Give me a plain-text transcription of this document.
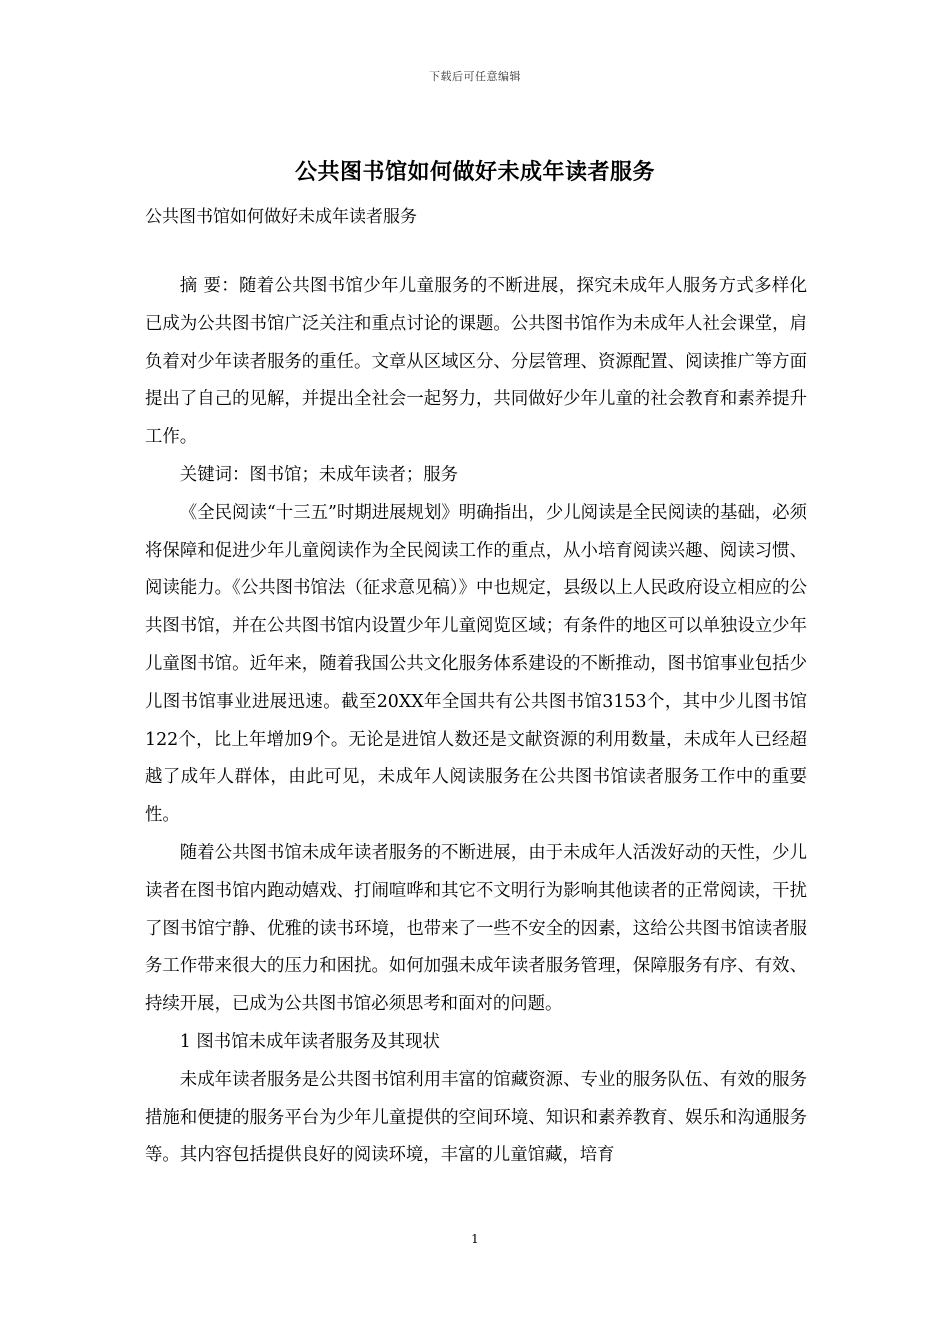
下载后可任意编辑
公共图书馆如何做好未成年读者服务
公共图书馆如何做好未成年读者服务

摘 要：随着公共图书馆少年儿童服务的不断进展，探究未成年人服务方式多样化已成为公共图书馆广泛关注和重点讨论的课题。公共图书馆作为未成年人社会课堂，肩负着对少年读者服务的重任。文章从区域区分、分层管理、资源配置、阅读推广等方面提出了自己的见解，并提出全社会一起努力，共同做好少年儿童的社会教育和素养提升工作。

关键词：图书馆；未成年读者；服务

《全民阅读“十三五”时期进展规划》明确指出，少儿阅读是全民阅读的基础，必须将保障和促进少年儿童阅读作为全民阅读工作的重点，从小培育阅读兴趣、阅读习惯、阅读能力。《公共图书馆法（征求意见稿）》中也规定，县级以上人民政府设立相应的公共图书馆，并在公共图书馆内设置少年儿童阅览区域；有条件的地区可以单独设立少年儿童图书馆。近年来，随着我国公共文化服务体系建设的不断推动，图书馆事业包括少儿图书馆事业进展迅速。截至20XX年全国共有公共图书馆3153个，其中少儿图书馆122个，比上年增加9个。无论是进馆人数还是文献资源的利用数量，未成年人已经超越了成年人群体，由此可见，未成年人阅读服务在公共图书馆读者服务工作中的重要性。

随着公共图书馆未成年读者服务的不断进展，由于未成年人活泼好动的天性，少儿读者在图书馆内跑动嬉戏、打闹喧哗和其它不文明行为影响其他读者的正常阅读，干扰了图书馆宁静、优雅的读书环境，也带来了一些不安全的因素，这给公共图书馆读者服务工作带来很大的压力和困扰。如何加强未成年读者服务管理，保障服务有序、有效、持续开展，已成为公共图书馆必须思考和面对的问题。

1 图书馆未成年读者服务及其现状

未成年读者服务是公共图书馆利用丰富的馆藏资源、专业的服务队伍、有效的服务措施和便捷的服务平台为少年儿童提供的空间环境、知识和素养教育、娱乐和沟通服务等。其内容包括提供良好的阅读环境，丰富的儿童馆藏，培育

1
